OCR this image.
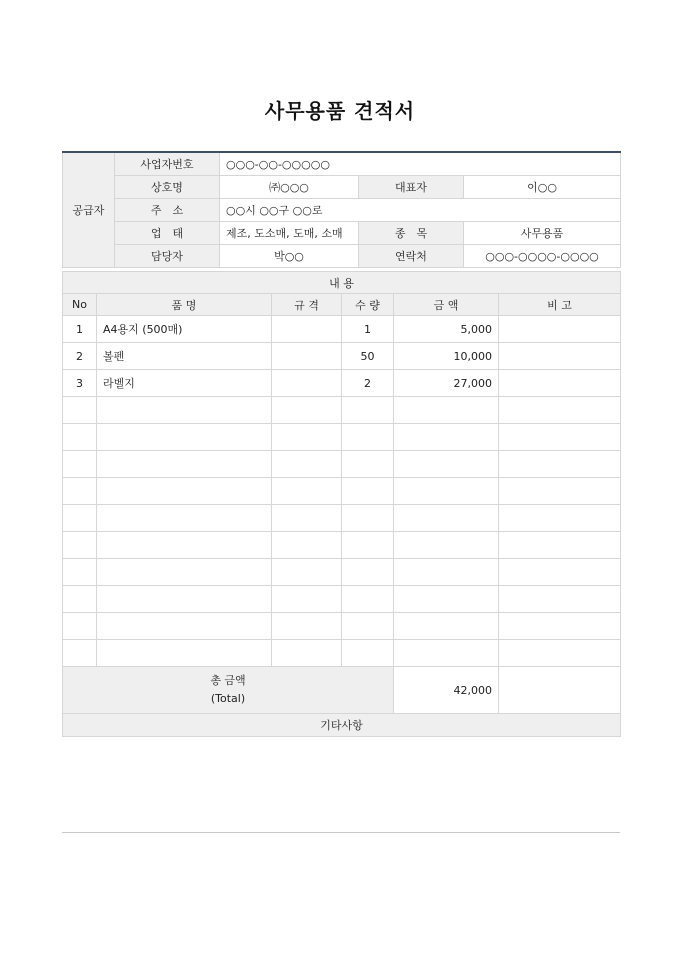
사무용품 견적서
공급자	사업자번호	○○○-○○-○○○○○		
	상호명	㈜○○○	대표자	이○○
	주　소	○○시 ○○구 ○○로		
	업　태	제조, 도소매, 도매, 소매	종　목	사무용품
	담당자	박○○	연락처	○○○-○○○○-○○○○
내 용					
No	품 명	규 격	수 량	금 액	비 고
1	A4용지 (500매)		1	5,000	
2	볼펜		50	10,000	
3	라벨지		2	27,000	

총 금액
(Total)				42,000	
기타사항					
